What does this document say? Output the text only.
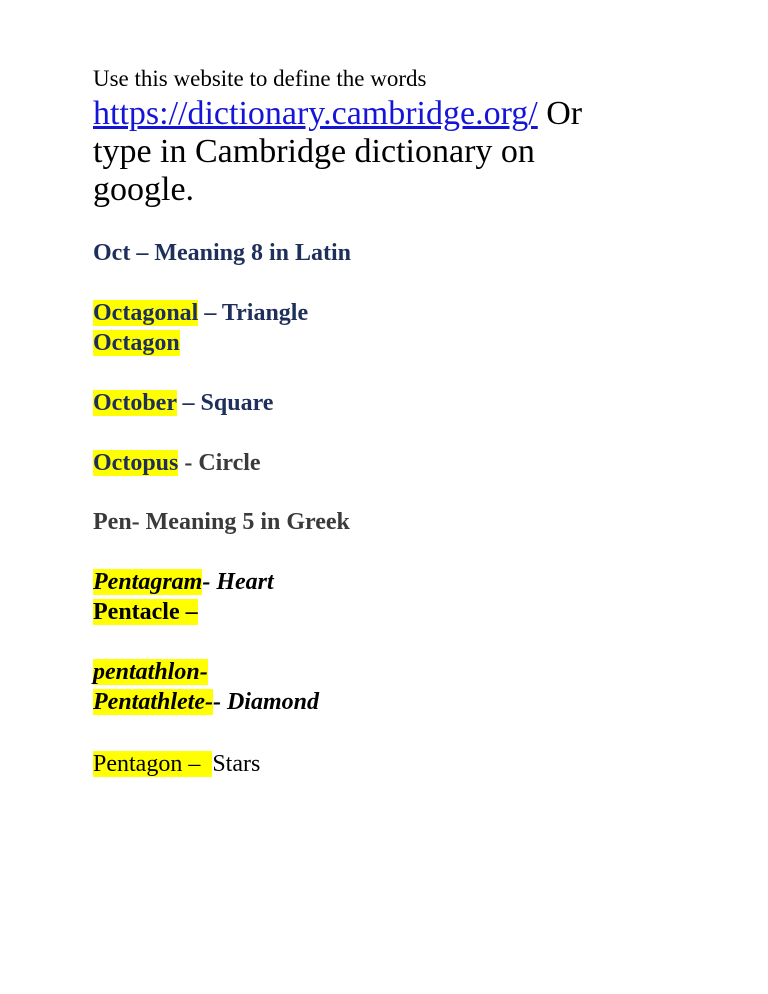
Use this website to define the words
https://dictionary.cambridge.org/ Or
type in Cambridge dictionary on
google.
Oct – Meaning 8 in Latin
Octagonal – Triangle
Octagon
October – Square
Octopus - Circle
Pen- Meaning 5 in Greek
Pentagram- Heart
Pentacle –
pentathlon-
Pentathlete-- Diamond
Pentagon –  Stars
